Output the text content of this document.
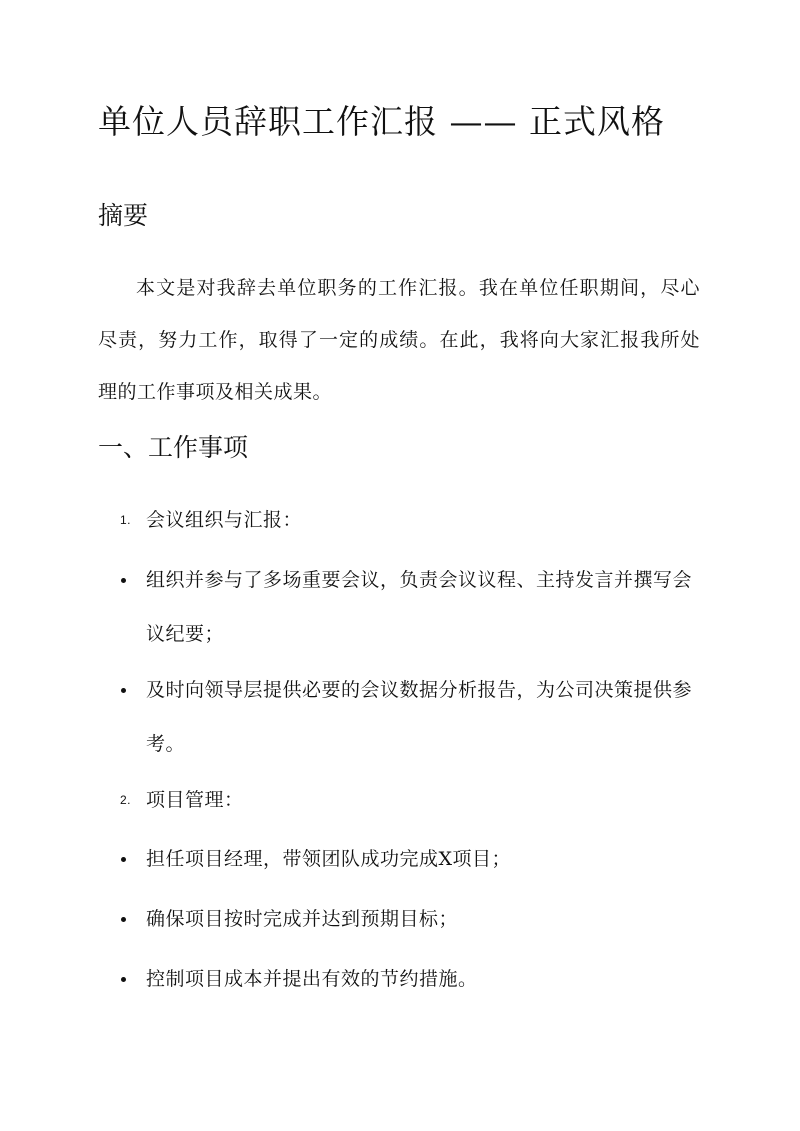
单位人员辞职工作汇报 —— 正式风格
摘要

本文是对我辞去单位职务的工作汇报。我在单位任职期间，尽心尽责，努力工作，取得了一定的成绩。在此，我将向大家汇报我所处理的工作事项及相关成果。

一、工作事项
1. 会议组织与汇报：
组织并参与了多场重要会议，负责会议议程、主持发言并撰写会议纪要；
及时向领导层提供必要的会议数据分析报告，为公司决策提供参考。
2. 项目管理：
担任项目经理，带领团队成功完成X项目；
确保项目按时完成并达到预期目标；
控制项目成本并提出有效的节约措施。
